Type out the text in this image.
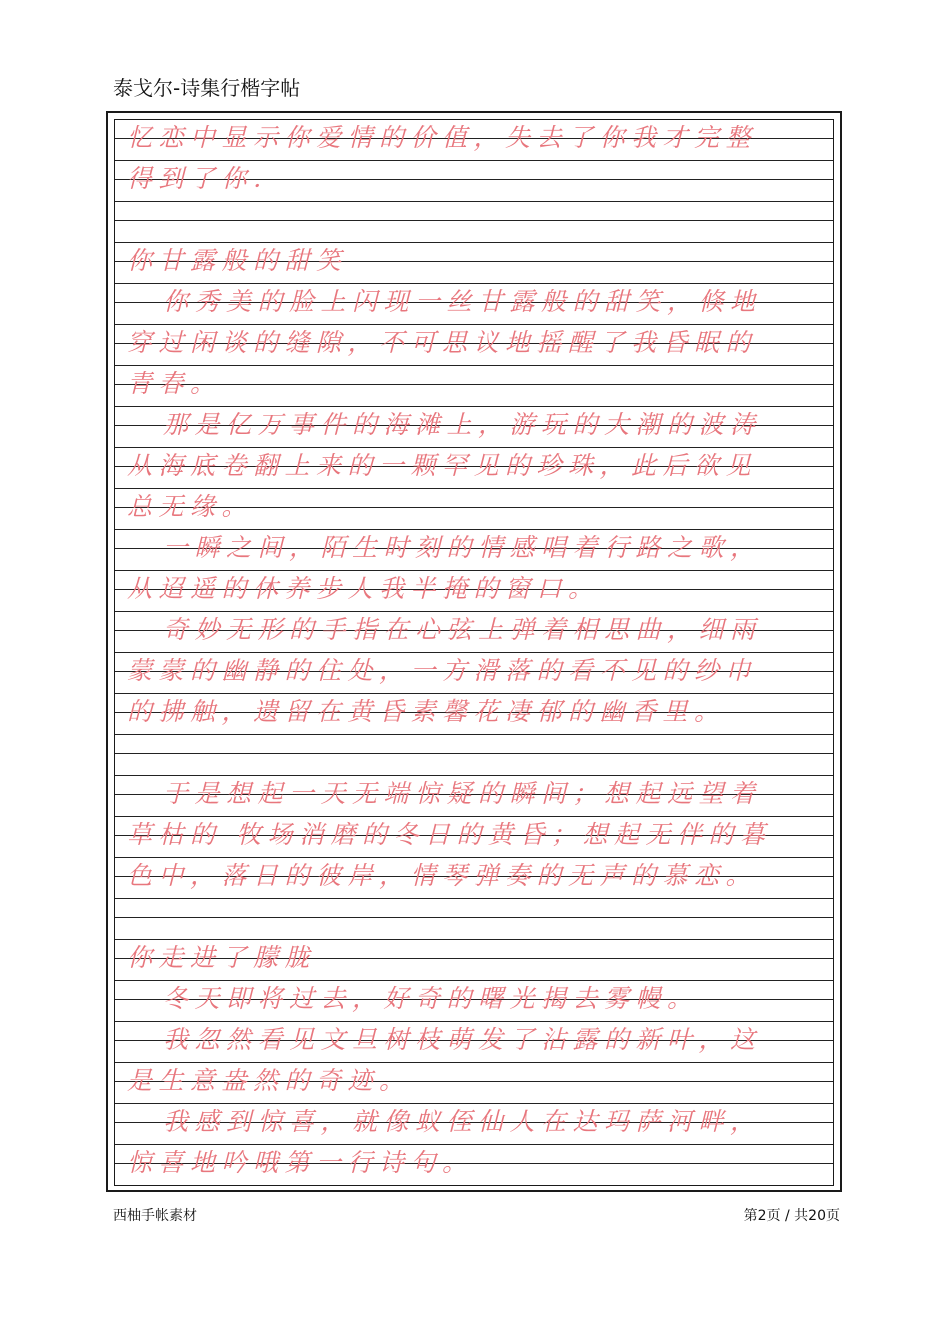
泰戈尔-诗集行楷字帖
忆恋中显示你爱情的价值，失去了你我才完整
得到了你．
你甘露般的甜笑
你秀美的脸上闪现一丝甘露般的甜笑，倏地
穿过闲谈的缝隙，不可思议地摇醒了我昏眠的
青春。
那是亿万事件的海滩上，游玩的大潮的波涛
从海底卷翻上来的一颗罕见的珍珠，此后欲见
总无缘。
一瞬之间，陌生时刻的情感唱着行路之歌，
从迢遥的休养步人我半掩的窗口。
奇妙无形的手指在心弦上弹着相思曲，细雨
蒙蒙的幽静的住处，一方滑落的看不见的纱巾
的拂触，遗留在黄昏素馨花凄郁的幽香里。
于是想起一天无端惊疑的瞬间；想起远望着
草枯的 牧场消磨的冬日的黄昏；想起无伴的暮
色中，落日的彼岸，情琴弹奏的无声的慕恋。
你走进了朦胧
冬天即将过去，好奇的曙光揭去雾幔。
我忽然看见文旦树枝萌发了沾露的新叶，这
是生意盎然的奇迹。
我感到惊喜，就像蚁侄仙人在达玛萨河畔，
惊喜地吟哦第一行诗句。
西柚手帐素材	第2页 / 共20页
